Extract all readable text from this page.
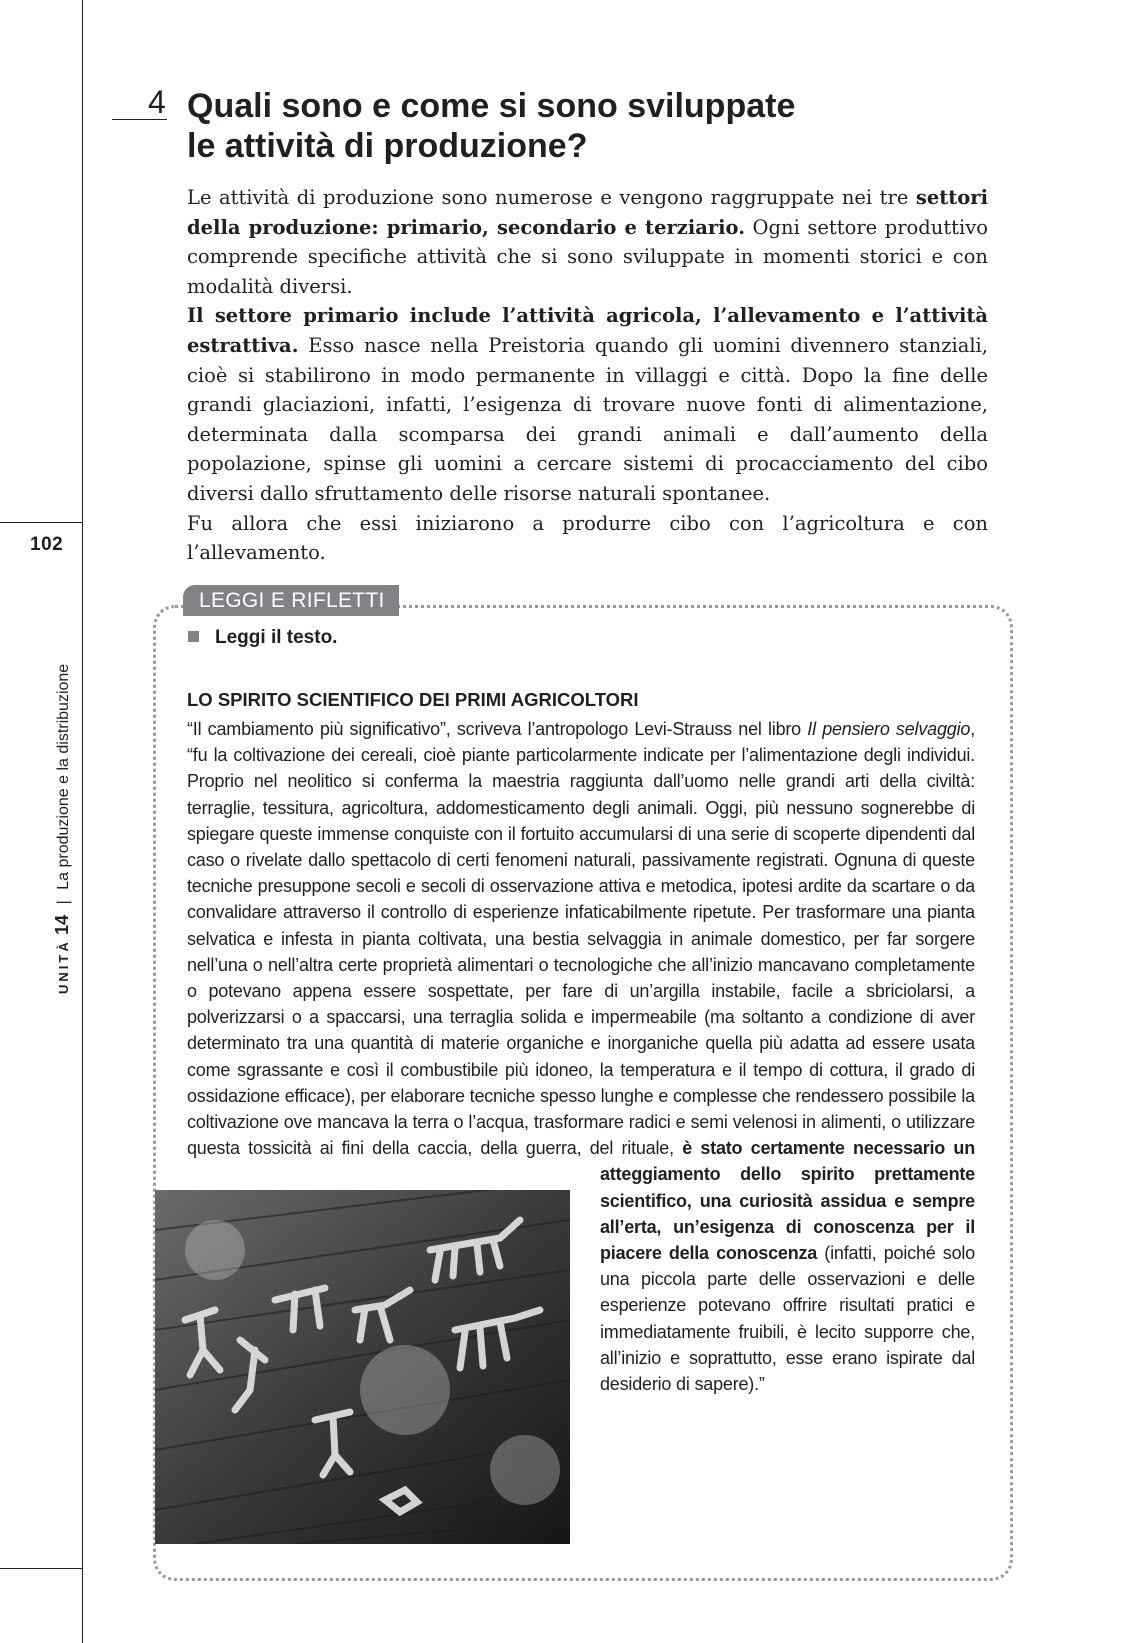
102
UNITÀ 14 | La produzione e la distribuzione
4 Quali sono e come si sono sviluppate
le attività di produzione?

Le attività di produzione sono numerose e vengono raggruppate nei tre settori della produzione: primario, secondario e terziario. Ogni settore produttivo comprende specifiche attività che si sono sviluppate in momenti storici e con modalità diversi.

Il settore primario include l’attività agricola, l’allevamento e l’attività estrattiva. Esso nasce nella Preistoria quando gli uomini divennero stanziali, cioè si stabilirono in modo permanente in villaggi e città. Dopo la fine delle grandi glaciazioni, infatti, l’esigenza di trovare nuove fonti di alimentazione, determinata dalla scomparsa dei grandi animali e dall’aumento della popolazione, spinse gli uomini a cercare sistemi di procacciamento del cibo diversi dallo sfruttamento delle risorse naturali spontanee.

Fu allora che essi iniziarono a produrre cibo con l’agricoltura e con l’allevamento.

LEGGI E RIFLETTI
Leggi il testo.
LO SPIRITO SCIENTIFICO DEI PRIMI AGRICOLTORI
“Il cambiamento più significativo”, scriveva l’antropologo Levi-Strauss nel libro Il pensiero selvaggio, “fu la coltivazione dei cereali, cioè piante particolarmente indicate per l’alimentazione degli individui. Proprio nel neolitico si conferma la maestria raggiunta dall’uomo nelle grandi arti della civiltà: terraglie, tessitura, agricoltura, addomesticamento degli animali. Oggi, più nessuno sognerebbe di spiegare queste immense conquiste con il fortuito accumularsi di una serie di scoperte dipendenti dal caso o rivelate dallo spettacolo di certi fenomeni naturali, passivamente registrati. Ognuna di queste tecniche presuppone secoli e secoli di osservazione attiva e metodica, ipotesi ardite da scartare o da convalidare attraverso il controllo di esperienze infaticabilmente ripetute. Per trasformare una pianta selvatica e infesta in pianta coltivata, una bestia selvaggia in animale domestico, per far sorgere nell’una o nell’altra certe proprietà alimentari o tecnologiche che all’inizio mancavano completamente o potevano appena essere sospettate, per fare di un’argilla instabile, facile a sbriciolarsi, a polverizzarsi o a spaccarsi, una terraglia solida e impermeabile (ma soltanto a condizione di aver determinato tra una quantità di materie organiche e inorganiche quella più adatta ad essere usata come sgrassante e così il combustibile più idoneo, la temperatura e il tempo di cottura, il grado di ossidazione efficace), per elaborare tecniche spesso lunghe e complesse che rendessero possibile la coltivazione ove mancava la terra o l’acqua, trasformare radici e semi velenosi in alimenti, o utilizzare questa tossicità ai fini della caccia, della guerra, del rituale, è stato certamente necessario un atteggiamento dello spirito prettamente scientifico, una curiosità assidua e sempre all’erta, un’esigenza di conoscenza per il piacere della conoscenza (infatti, poiché solo una piccola parte delle osservazioni e delle esperienze potevano offrire risultati pratici e immediatamente fruibili, è lecito supporre che, all’inizio e soprattutto, esse erano ispirate dal desiderio di sapere).”
